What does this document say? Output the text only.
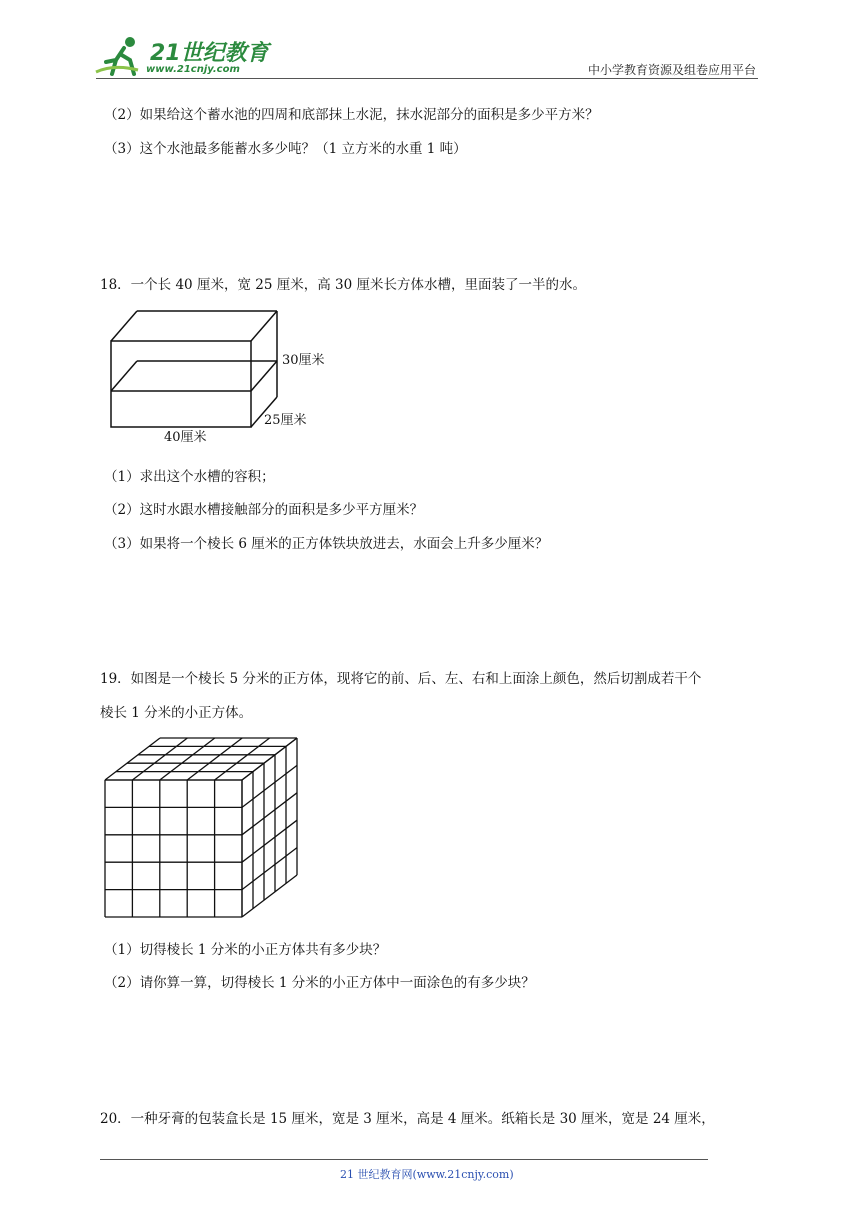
21世纪教育
www.21cnjy.com	中小学教育资源及组卷应用平台
（2）如果给这个蓄水池的四周和底部抹上水泥，抹水泥部分的面积是多少平方米？
（3）这个水池最多能蓄水多少吨？（1 立方米的水重 1 吨）
18．一个长 40 厘米，宽 25 厘米，高 30 厘米长方体水槽，里面装了一半的水。
30厘米
25厘米
40厘米
（1）求出这个水槽的容积；
（2）这时水跟水槽接触部分的面积是多少平方厘米？
（3）如果将一个棱长 6 厘米的正方体铁块放进去，水面会上升多少厘米？
19．如图是一个棱长 5 分米的正方体，现将它的前、后、左、右和上面涂上颜色，然后切割成若干个
棱长 1 分米的小正方体。
（1）切得棱长 1 分米的小正方体共有多少块？
（2）请你算一算，切得棱长 1 分米的小正方体中一面涂色的有多少块？
20．一种牙膏的包装盒长是 15 厘米，宽是 3 厘米，高是 4 厘米。纸箱长是 30 厘米，宽是 24 厘米，
21 世纪教育网(www.21cnjy.com)
